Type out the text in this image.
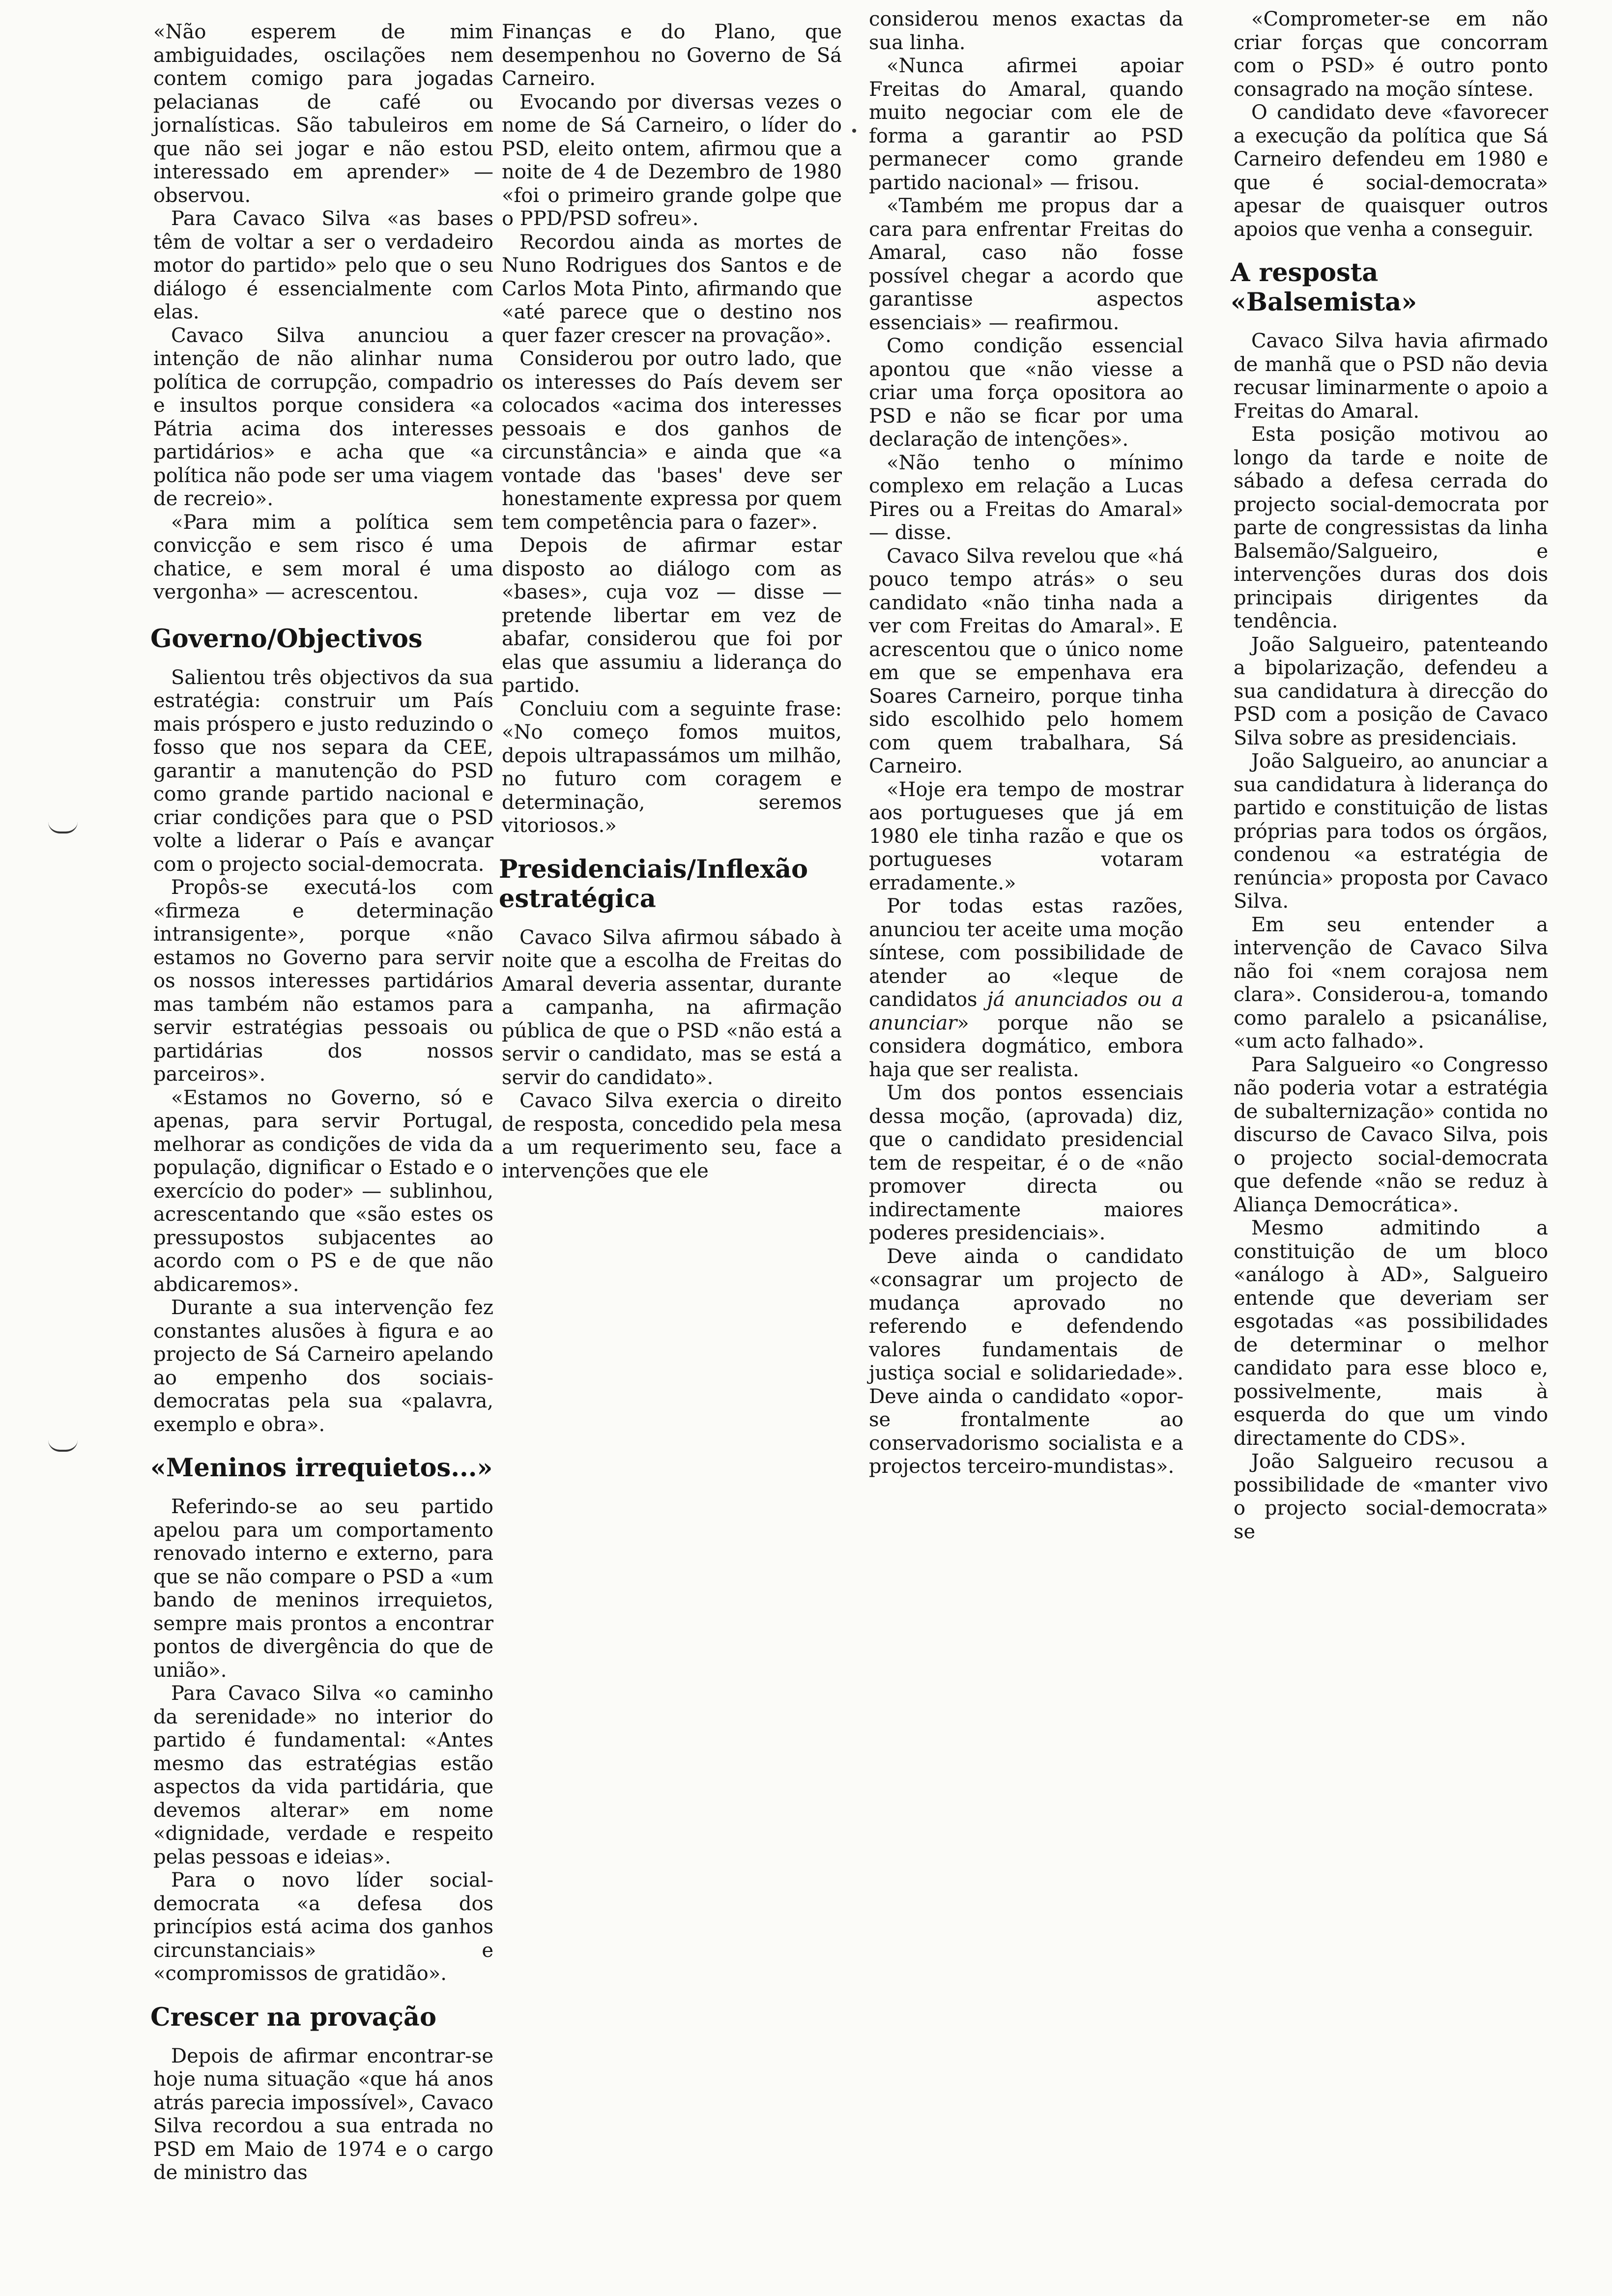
«Não esperem de mim ambiguidades, oscilações nem contem comigo para jogadas pelacianas de café ou jornalísticas. São tabuleiros em que não sei jogar e não estou interessado em aprender» — observou.

Para Cavaco Silva «as bases têm de voltar a ser o verdadeiro motor do partido» pelo que o seu diálogo é essencialmente com elas.

Cavaco Silva anunciou a intenção de não alinhar numa política de corrupção, compadrio e insultos porque considera «a Pátria acima dos interesses partidários» e acha que «a política não pode ser uma viagem de recreio».

«Para mim a política sem convicção e sem risco é uma chatice, e sem moral é uma vergonha» — acrescentou.

Governo/Objectivos

Salientou três objectivos da sua estratégia: construir um País mais próspero e justo reduzindo o fosso que nos separa da CEE, garantir a manutenção do PSD como grande partido nacional e criar condições para que o PSD volte a liderar o País e avançar com o projecto social-democrata.

Propôs-se executá-los com «firmeza e determinação intransigente», porque «não estamos no Governo para servir os nossos interesses partidários mas também não estamos para servir estratégias pessoais ou partidárias dos nossos parceiros».

«Estamos no Governo, só e apenas, para servir Portugal, melhorar as condições de vida da população, dignificar o Estado e o exercício do poder» — sublinhou, acrescentando que «são estes os pressupostos subjacentes ao acordo com o PS e de que não abdicaremos».

Durante a sua intervenção fez constantes alusões à figura e ao projecto de Sá Carneiro apelando ao empenho dos sociais-democratas pela sua «palavra, exemplo e obra».

«Meninos irrequietos...»

Referindo-se ao seu partido apelou para um comportamento renovado interno e externo, para que se não compare o PSD a «um bando de meninos irrequietos, sempre mais prontos a encontrar pontos de divergência do que de união».

Para Cavaco Silva «o caminho da serenidade» no interior do partido é fundamental: «Antes mesmo das estratégias estão aspectos da vida partidária, que devemos alterar» em nome «dignidade, verdade e respeito pelas pessoas e ideias».

Para o novo líder social-democrata «a defesa dos princípios está acima dos ganhos circunstanciais» e «compromissos de gratidão».

Crescer na provação

Depois de afirmar encontrar-se hoje numa situação «que há anos atrás parecia impossível», Cavaco Silva recordou a sua entrada no PSD em Maio de 1974 e o cargo de ministro das

Finanças e do Plano, que desempenhou no Governo de Sá Carneiro.

Evocando por diversas vezes o nome de Sá Carneiro, o líder do PSD, eleito ontem, afirmou que a noite de 4 de Dezembro de 1980 «foi o primeiro grande golpe que o PPD/PSD sofreu».

Recordou ainda as mortes de Nuno Rodrigues dos Santos e de Carlos Mota Pinto, afirmando que «até parece que o destino nos quer fazer crescer na provação».

Considerou por outro lado, que os interesses do País devem ser colocados «acima dos interesses pessoais e dos ganhos de circunstância» e ainda que «a vontade das 'bases' deve ser honestamente expressa por quem tem competência para o fazer».

Depois de afirmar estar disposto ao diálogo com as «bases», cuja voz — disse — pretende libertar em vez de abafar, considerou que foi por elas que assumiu a liderança do partido.

Concluiu com a seguinte frase: «No começo fomos muitos, depois ultrapassámos um milhão, no futuro com coragem e determinação, seremos vitoriosos.»

Presidenciais/Inflexão estratégica

Cavaco Silva afirmou sábado à noite que a escolha de Freitas do Amaral deveria assentar, durante a campanha, na afirmação pública de que o PSD «não está a servir o candidato, mas se está a servir do candidato».

Cavaco Silva exercia o direito de resposta, concedido pela mesa a um requerimento seu, face a intervenções que ele

considerou menos exactas da sua linha.

«Nunca afirmei apoiar Freitas do Amaral, quando muito negociar com ele de forma a garantir ao PSD permanecer como grande partido nacional» — frisou.

«Também me propus dar a cara para enfrentar Freitas do Amaral, caso não fosse possível chegar a acordo que garantisse aspectos essenciais» — reafirmou.

Como condição essencial apontou que «não viesse a criar uma força opositora ao PSD e não se ficar por uma declaração de intenções».

«Não tenho o mínimo complexo em relação a Lucas Pires ou a Freitas do Amaral» — disse.

Cavaco Silva revelou que «há pouco tempo atrás» o seu candidato «não tinha nada a ver com Freitas do Amaral». E acrescentou que o único nome em que se empenhava era Soares Carneiro, porque tinha sido escolhido pelo homem com quem trabalhara, Sá Carneiro.

«Hoje era tempo de mostrar aos portugueses que já em 1980 ele tinha razão e que os portugueses votaram erradamente.»

Por todas estas razões, anunciou ter aceite uma moção síntese, com possibilidade de atender ao «leque de candidatos já anunciados ou a anunciar» porque não se considera dogmático, embora haja que ser realista.

Um dos pontos essenciais dessa moção, (aprovada) diz, que o candidato presidencial tem de respeitar, é o de «não promover directa ou indirectamente maiores poderes presidenciais».

Deve ainda o candidato «consagrar um projecto de mudança aprovado no referendo e defendendo valores fundamentais de justiça social e solidariedade». Deve ainda o candidato «opor-se frontalmente ao conservadorismo socialista e a projectos terceiro-mundistas».

«Comprometer-se em não criar forças que concorram com o PSD» é outro ponto consagrado na moção síntese.

O candidato deve «favorecer a execução da política que Sá Carneiro defendeu em 1980 e que é social-democrata» apesar de quaisquer outros apoios que venha a conseguir.

A resposta «Balsemista»

Cavaco Silva havia afirmado de manhã que o PSD não devia recusar liminarmente o apoio a Freitas do Amaral.

Esta posição motivou ao longo da tarde e noite de sábado a defesa cerrada do projecto social-democrata por parte de congressistas da linha Balsemão/Salgueiro, e intervenções duras dos dois principais dirigentes da tendência.

João Salgueiro, patenteando a bipolarização, defendeu a sua candidatura à direcção do PSD com a posição de Cavaco Silva sobre as presidenciais.

João Salgueiro, ao anunciar a sua candidatura à liderança do partido e constituição de listas próprias para todos os órgãos, condenou «a estratégia de renúncia» proposta por Cavaco Silva.

Em seu entender a intervenção de Cavaco Silva não foi «nem corajosa nem clara». Considerou-a, tomando como paralelo a psicanálise, «um acto falhado».

Para Salgueiro «o Congresso não poderia votar a estratégia de subalternização» contida no discurso de Cavaco Silva, pois o projecto social-democrata que defende «não se reduz à Aliança Democrática».

Mesmo admitindo a constituição de um bloco «análogo à AD», Salgueiro entende que deveriam ser esgotadas «as possibilidades de determinar o melhor candidato para esse bloco e, possivelmente, mais à esquerda do que um vindo directamente do CDS».

João Salgueiro recusou a possibilidade de «manter vivo o projecto social-democrata» se
